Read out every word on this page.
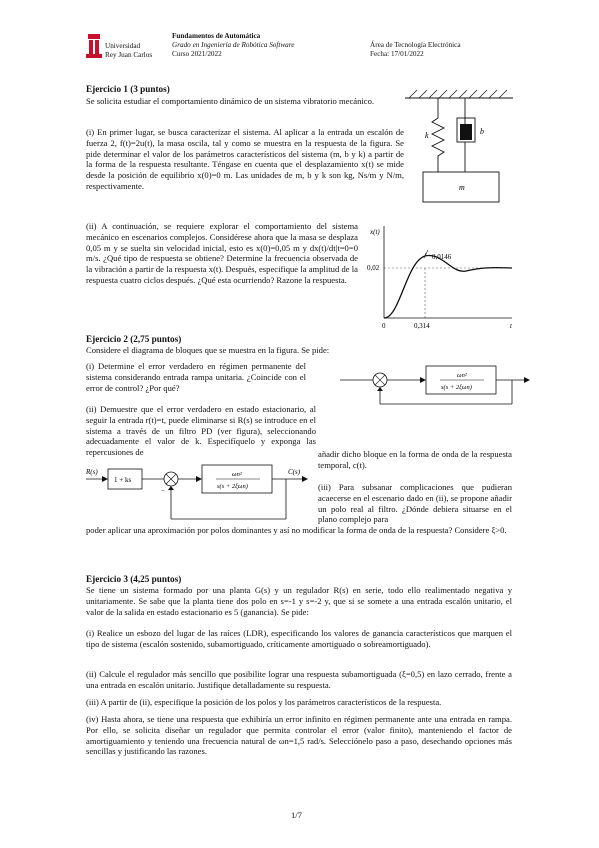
Universidad
Rey Juan Carlos
Fundamentos de Automática
Grado en Ingeniería de Robótica Software
Curso 2021/2022
Área de Tecnología Electrónica
Fecha: 17/01/2022
Ejercicio 1 (3 puntos)
Se solicita estudiar el comportamiento dinámico de un sistema vibratorio mecánico.
(i) En primer lugar, se busca caracterizar el sistema. Al aplicar a la entrada un escalón de fuerza 2, f(t)=2u(t), la masa oscila, tal y como se muestra en la respuesta de la figura. Se pide determinar el valor de los parámetros característicos del sistema (m, b y k) a partir de la forma de la respuesta resultante. Téngase en cuenta que el desplazamiento x(t) se mide desde la posición de equilibrio x(0)=0 m. Las unidades de m, b y k son kg, Ns/m y N/m, respectivamente.
(ii) A continuación, se requiere explorar el comportamiento del sistema mecánico en escenarios complejos. Considérese ahora que la masa se desplaza 0,05 m y se suelta sin velocidad inicial, esto es x(0)=0,05 m y dx(t)/dt|t=0=0 m/s. ¿Qué tipo de respuesta se obtiene? Determine la frecuencia observada de la vibración a partir de la respuesta x(t). Después, especifique la amplitud de la respuesta cuatro ciclos después. ¿Qué esta ocurriendo? Razone la respuesta.
k	b
m
x(t)
0,02
0,0146
0	0,314	t
Ejercicio 2 (2,75 puntos)
Considere el diagrama de bloques que se muestra en la figura. Se pide:
(i) Determine el error verdadero en régimen permanente del sistema considerando entrada rampa unitaria. ¿Coincide con el error de control? ¿Por qué?
(ii) Demuestre que el error verdadero en estado estacionario, al seguir la entrada r(t)=t, puede eliminarse si R(s) se introduce en el sistema a través de un filtro PD (ver figura), seleccionando adecuadamente el valor de k. Especifíquelo y exponga las repercusiones de	añadir dicho bloque en la forma de onda de la respuesta temporal, c(t).
(iii) Para subsanar complicaciones que pudieran acaecerse en el escenario dado en (ii), se propone añadir un polo real al filtro. ¿Dónde debiera situarse en el plano complejo para
poder aplicar una aproximación por polos dominantes y así no modificar la forma de onda de la respuesta? Considere ξ>0.
ωn²
s(s + 2ξωn)
R(s)
1 + ks
−
ωn²
s(s + 2ξωn)
C(s)
Ejercicio 3 (4,25 puntos)
Se tiene un sistema formado por una planta G(s) y un regulador R(s) en serie, todo ello realimentado negativa y unitariamente. Se sabe que la planta tiene dos polo en s=-1 y s=-2 y, que si se somete a una entrada escalón unitario, el valor de la salida en estado estacionario es 5 (ganancia). Se pide:
(i) Realice un esbozo del lugar de las raíces (LDR), especificando los valores de ganancia característicos que marquen el tipo de sistema (escalón sostenido, subamortiguado, críticamente amortiguado o sobreamortiguado).
(ii) Calcule el regulador más sencillo que posibilite lograr una respuesta subamortiguada (ξ=0,5) en lazo cerrado, frente a una entrada en escalón unitario. Justifique detalladamente su respuesta.
(iii) A partir de (ii), especifique la posición de los polos y los parámetros característicos de la respuesta.
(iv) Hasta ahora, se tiene una respuesta que exhibiría un error infinito en régimen permanente ante una entrada en rampa. Por ello, se solicita diseñar un regulador que permita controlar el error (valor finito), manteniendo el factor de amortiguamiento y teniendo una frecuencia natural de ωn=1,5 rad/s. Selecciónelo paso a paso, desechando opciones más sencillas y justificando las razones.
1/7
